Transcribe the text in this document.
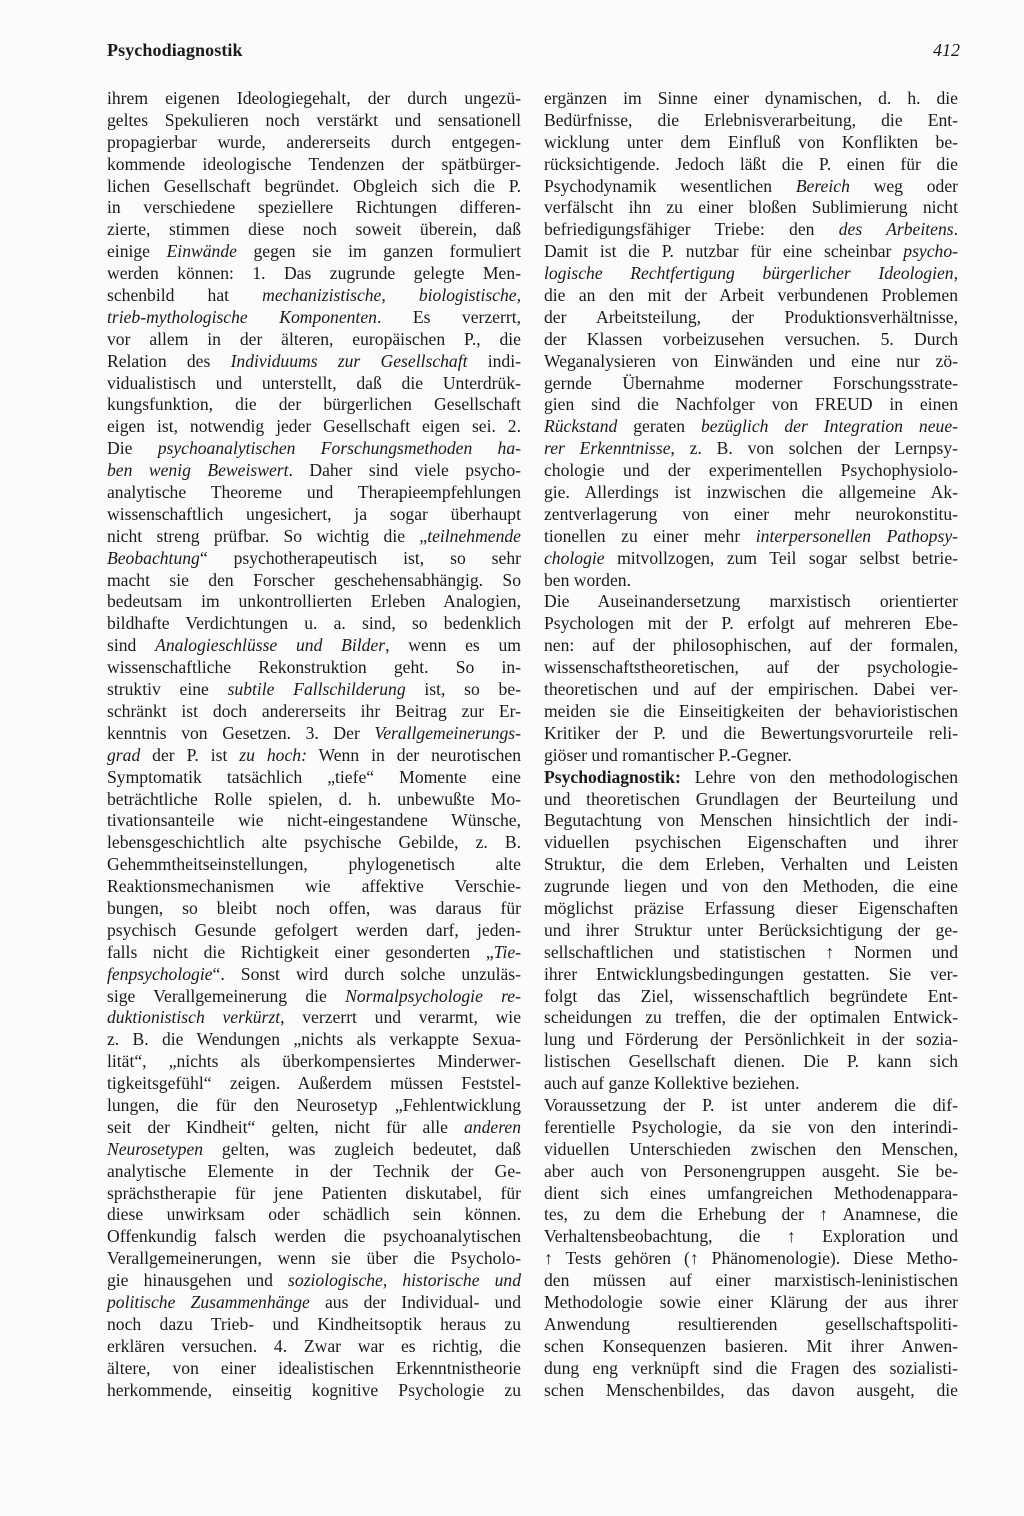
Psychodiagnostik	412
ihrem eigenen Ideologiegehalt, der durch ungezü-
geltes Spekulieren noch verstärkt und sensationell
propagierbar wurde, andererseits durch entgegen-
kommende ideologische Tendenzen der spätbürger-
lichen Gesellschaft begründet. Obgleich sich die P.
in verschiedene speziellere Richtungen differen-
zierte, stimmen diese noch soweit überein, daß
einige Einwände gegen sie im ganzen formuliert
werden können: 1. Das zugrunde gelegte Men-
schenbild hat mechanizistische, biologistische,
trieb-mythologische Komponenten. Es verzerrt,
vor allem in der älteren, europäischen P., die
Relation des Individuums zur Gesellschaft indi-
vidualistisch und unterstellt, daß die Unterdrük-
kungsfunktion, die der bürgerlichen Gesellschaft
eigen ist, notwendig jeder Gesellschaft eigen sei. 2.
Die psychoanalytischen Forschungsmethoden ha-
ben wenig Beweiswert. Daher sind viele psycho-
analytische Theoreme und Therapieempfehlungen
wissenschaftlich ungesichert, ja sogar überhaupt
nicht streng prüfbar. So wichtig die „teilnehmende
Beobachtung“ psychotherapeutisch ist, so sehr
macht sie den Forscher geschehensabhängig. So
bedeutsam im unkontrollierten Erleben Analogien,
bildhafte Verdichtungen u. a. sind, so bedenklich
sind Analogieschlüsse und Bilder, wenn es um
wissenschaftliche Rekonstruktion geht. So in-
struktiv eine subtile Fallschilderung ist, so be-
schränkt ist doch andererseits ihr Beitrag zur Er-
kenntnis von Gesetzen. 3. Der Verallgemeinerungs-
grad der P. ist zu hoch: Wenn in der neurotischen
Symptomatik tatsächlich „tiefe“ Momente eine
beträchtliche Rolle spielen, d. h. unbewußte Mo-
tivationsanteile wie nicht-eingestandene Wünsche,
lebensgeschichtlich alte psychische Gebilde, z. B.
Gehemmtheitseinstellungen, phylogenetisch alte
Reaktionsmechanismen wie affektive Verschie-
bungen, so bleibt noch offen, was daraus für
psychisch Gesunde gefolgert werden darf, jeden-
falls nicht die Richtigkeit einer gesonderten „Tie-
fenpsychologie“. Sonst wird durch solche unzuläs-
sige Verallgemeinerung die Normalpsychologie re-
duktionistisch verkürzt, verzerrt und verarmt, wie
z. B. die Wendungen „nichts als verkappte Sexua-
lität“, „nichts als überkompensiertes Minderwer-
tigkeitsgefühl“ zeigen. Außerdem müssen Feststel-
lungen, die für den Neurosetyp „Fehlentwicklung
seit der Kindheit“ gelten, nicht für alle anderen
Neurosetypen gelten, was zugleich bedeutet, daß
analytische Elemente in der Technik der Ge-
sprächstherapie für jene Patienten diskutabel, für
diese unwirksam oder schädlich sein können.
Offenkundig falsch werden die psychoanalytischen
Verallgemeinerungen, wenn sie über die Psycholo-
gie hinausgehen und soziologische, historische und
politische Zusammenhänge aus der Individual- und
noch dazu Trieb- und Kindheitsoptik heraus zu
erklären versuchen. 4. Zwar war es richtig, die
ältere, von einer idealistischen Erkenntnistheorie
herkommende, einseitig kognitive Psychologie zu
ergänzen im Sinne einer dynamischen, d. h. die
Bedürfnisse, die Erlebnisverarbeitung, die Ent-
wicklung unter dem Einfluß von Konflikten be-
rücksichtigende. Jedoch läßt die P. einen für die
Psychodynamik wesentlichen Bereich weg oder
verfälscht ihn zu einer bloßen Sublimierung nicht
befriedigungsfähiger Triebe: den des Arbeitens.
Damit ist die P. nutzbar für eine scheinbar psycho-
logische Rechtfertigung bürgerlicher Ideologien,
die an den mit der Arbeit verbundenen Problemen
der Arbeitsteilung, der Produktionsverhältnisse,
der Klassen vorbeizusehen versuchen. 5. Durch
Weganalysieren von Einwänden und eine nur zö-
gernde Übernahme moderner Forschungsstrate-
gien sind die Nachfolger von FREUD in einen
Rückstand geraten bezüglich der Integration neue-
rer Erkenntnisse, z. B. von solchen der Lernpsy-
chologie und der experimentellen Psychophysiolo-
gie. Allerdings ist inzwischen die allgemeine Ak-
zentverlagerung von einer mehr neurokonstitu-
tionellen zu einer mehr interpersonellen Pathopsy-
chologie mitvollzogen, zum Teil sogar selbst betrie-
ben worden.
Die Auseinandersetzung marxistisch orientierter
Psychologen mit der P. erfolgt auf mehreren Ebe-
nen: auf der philosophischen, auf der formalen,
wissenschaftstheoretischen, auf der psychologie-
theoretischen und auf der empirischen. Dabei ver-
meiden sie die Einseitigkeiten der behavioristischen
Kritiker der P. und die Bewertungsvorurteile reli-
giöser und romantischer P.-Gegner.
Psychodiagnostik: Lehre von den methodologischen
und theoretischen Grundlagen der Beurteilung und
Begutachtung von Menschen hinsichtlich der indi-
viduellen psychischen Eigenschaften und ihrer
Struktur, die dem Erleben, Verhalten und Leisten
zugrunde liegen und von den Methoden, die eine
möglichst präzise Erfassung dieser Eigenschaften
und ihrer Struktur unter Berücksichtigung der ge-
sellschaftlichen und statistischen ↑ Normen und
ihrer Entwicklungsbedingungen gestatten. Sie ver-
folgt das Ziel, wissenschaftlich begründete Ent-
scheidungen zu treffen, die der optimalen Entwick-
lung und Förderung der Persönlichkeit in der sozia-
listischen Gesellschaft dienen. Die P. kann sich
auch auf ganze Kollektive beziehen.
Voraussetzung der P. ist unter anderem die dif-
ferentielle Psychologie, da sie von den interindi-
viduellen Unterschieden zwischen den Menschen,
aber auch von Personengruppen ausgeht. Sie be-
dient sich eines umfangreichen Methodenappara-
tes, zu dem die Erhebung der ↑ Anamnese, die
Verhaltensbeobachtung, die ↑ Exploration und
↑ Tests gehören (↑ Phänomenologie). Diese Metho-
den müssen auf einer marxistisch-leninistischen
Methodologie sowie einer Klärung der aus ihrer
Anwendung resultierenden gesellschaftspoliti-
schen Konsequenzen basieren. Mit ihrer Anwen-
dung eng verknüpft sind die Fragen des sozialisti-
schen Menschenbildes, das davon ausgeht, die
